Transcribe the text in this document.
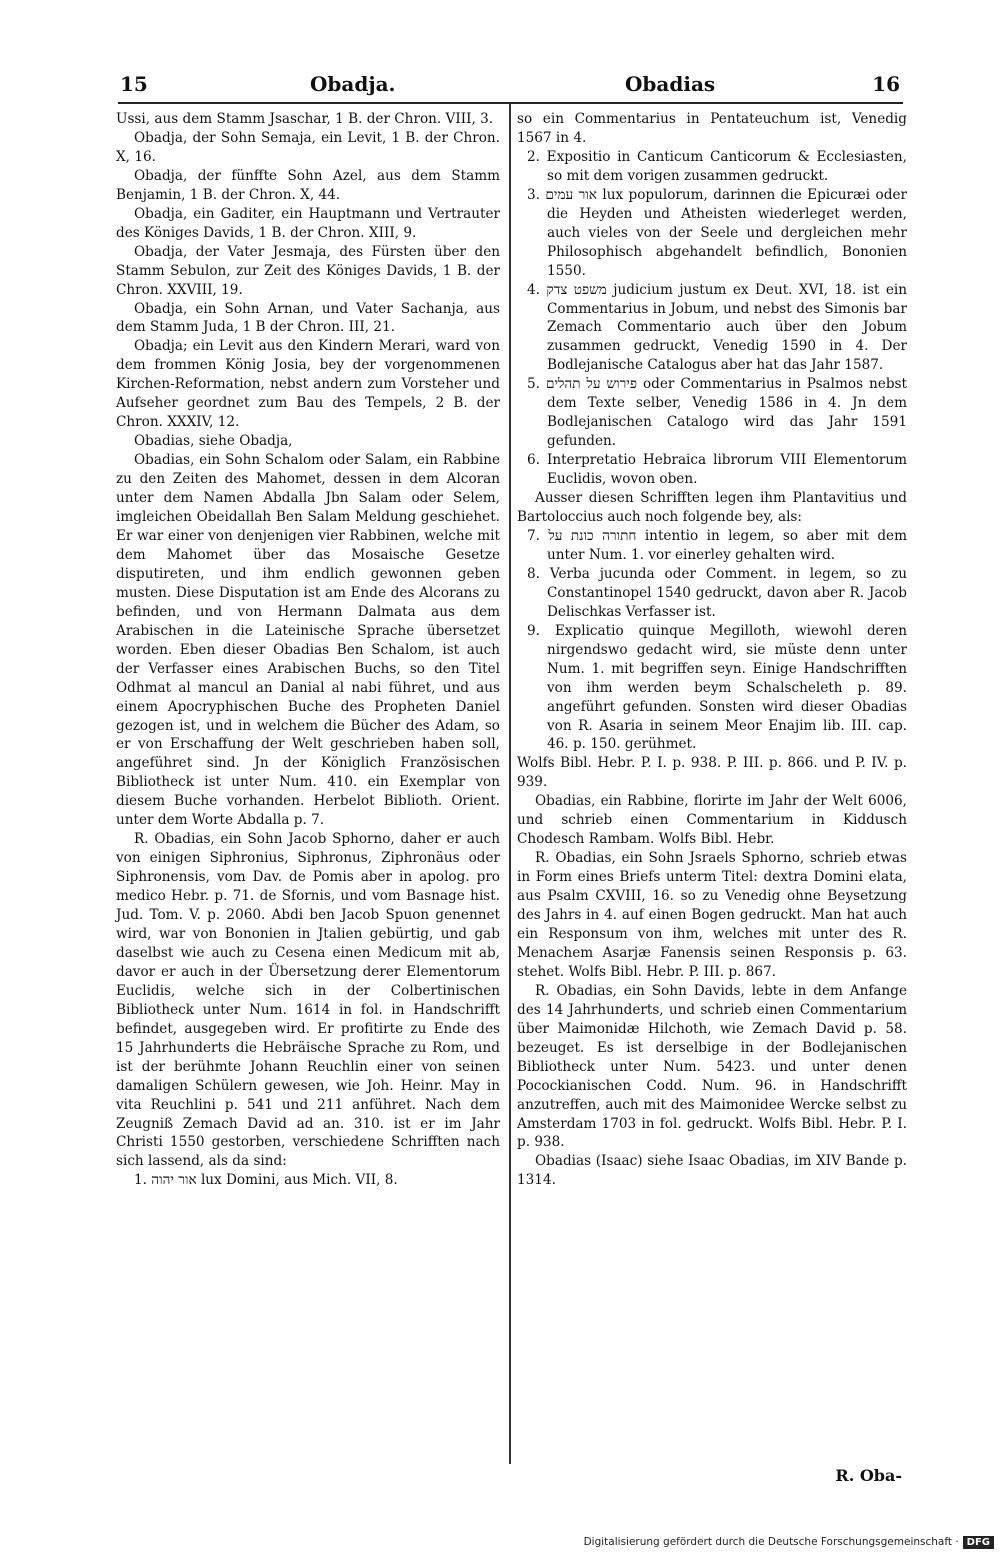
15	Obadja.	Obadias	16

Ussi, aus dem Stamm Jsaschar, 1 B. der Chron. VIII, 3.

Obadja, der Sohn Semaja, ein Levit, 1 B. der Chron. X, 16.

Obadja, der fünffte Sohn Azel, aus dem Stamm Benjamin, 1 B. der Chron. X, 44.

Obadja, ein Gaditer, ein Hauptmann und Vertrauter des Königes Davids, 1 B. der Chron. XIII, 9.

Obadja, der Vater Jesmaja, des Fürsten über den Stamm Sebulon, zur Zeit des Königes Davids, 1 B. der Chron. XXVIII, 19.

Obadja, ein Sohn Arnan, und Vater Sachanja, aus dem Stamm Juda, 1 B der Chron. III, 21.

Obadja; ein Levit aus den Kindern Merari, ward von dem frommen König Josia, bey der vorgenommenen Kirchen-Reformation, nebst andern zum Vorsteher und Aufseher geordnet zum Bau des Tempels, 2 B. der Chron. XXXIV, 12.

Obadias, siehe Obadja,

Obadias, ein Sohn Schalom oder Salam, ein Rabbine zu den Zeiten des Mahomet, dessen in dem Alcoran unter dem Namen Abdalla Jbn Salam oder Selem, imgleichen Obeidallah Ben Salam Meldung geschiehet. Er war einer von denjenigen vier Rabbinen, welche mit dem Mahomet über das Mosaische Gesetze disputireten, und ihm endlich gewonnen geben musten. Diese Disputation ist am Ende des Alcorans zu befinden, und von Hermann Dalmata aus dem Arabischen in die Lateinische Sprache übersetzet worden. Eben dieser Obadias Ben Schalom, ist auch der Verfasser eines Arabischen Buchs, so den Titel Odhmat al mancul an Danial al nabi führet, und aus einem Apocryphischen Buche des Propheten Daniel gezogen ist, und in welchem die Bücher des Adam, so er von Erschaffung der Welt geschrieben haben soll, angeführet sind. Jn der Königlich Französischen Bibliotheck ist unter Num. 410. ein Exemplar von diesem Buche vorhanden. Herbelot Biblioth. Orient. unter dem Worte Abdalla p. 7.

R. Obadias, ein Sohn Jacob Sphorno, daher er auch von einigen Siphronius, Siphronus, Ziphronäus oder Siphronensis, vom Dav. de Pomis aber in apolog. pro medico Hebr. p. 71. de Sfornis, und vom Basnage hist. Jud. Tom. V. p. 2060. Abdi ben Jacob Spuon genennet wird, war von Bononien in Jtalien gebürtig, und gab daselbst wie auch zu Cesena einen Medicum mit ab, davor er auch in der Übersetzung derer Elementorum Euclidis, welche sich in der Colbertinischen Bibliotheck unter Num. 1614 in fol. in Handschrifft befindet, ausgegeben wird. Er profitirte zu Ende des 15 Jahrhunderts die Hebräische Sprache zu Rom, und ist der berühmte Johann Reuchlin einer von seinen damaligen Schülern gewesen, wie Joh. Heinr. May in vita Reuchlini p. 541 und 211 anführet. Nach dem Zeugniß Zemach David ad an. 310. ist er im Jahr Christi 1550 gestorben, verschiedene Schrifften nach sich lassend, als da sind:

1. אור יהוה lux Domini, aus Mich. VII, 8.

so ein Commentarius in Pentateuchum ist, Venedig 1567 in 4.

2. Expositio in Canticum Canticorum & Ecclesiasten, so mit dem vorigen zusammen gedruckt.

3. אור עמים lux populorum, darinnen die Epicuræi oder die Heyden und Atheisten wiederleget werden, auch vieles von der Seele und dergleichen mehr Philosophisch abgehandelt befindlich, Bononien 1550.

4. משפט צדק judicium justum ex Deut. XVI, 18. ist ein Commentarius in Jobum, und nebst des Simonis bar Zemach Commentario auch über den Jobum zusammen gedruckt, Venedig 1590 in 4. Der Bodlejanische Catalogus aber hat das Jahr 1587.

5. פירוש על תהלים oder Commentarius in Psalmos nebst dem Texte selber, Venedig 1586 in 4. Jn dem Bodlejanischen Catalogo wird das Jahr 1591 gefunden.

6. Interpretatio Hebraica librorum VIII Elementorum Euclidis, wovon oben.

Ausser diesen Schrifften legen ihm Plantavitius und Bartoloccius auch noch folgende bey, als:

7. חתורה כונת על intentio in legem, so aber mit dem unter Num. 1. vor einerley gehalten wird.

8. Verba jucunda oder Comment. in legem, so zu Constantinopel 1540 gedruckt, davon aber R. Jacob Delischkas Verfasser ist.

9. Explicatio quinque Megilloth, wiewohl deren nirgendswo gedacht wird, sie müste denn unter Num. 1. mit begriffen seyn. Einige Handschrifften von ihm werden beym Schalscheleth p. 89. angeführt gefunden. Sonsten wird dieser Obadias von R. Asaria in seinem Meor Enajim lib. III. cap. 46. p. 150. gerühmet.

Wolfs Bibl. Hebr. P. I. p. 938. P. III. p. 866. und P. IV. p. 939.

Obadias, ein Rabbine, florirte im Jahr der Welt 6006, und schrieb einen Commentarium in Kiddusch Chodesch Rambam. Wolfs Bibl. Hebr.

R. Obadias, ein Sohn Jsraels Sphorno, schrieb etwas in Form eines Briefs unterm Titel: dextra Domini elata, aus Psalm CXVIII, 16. so zu Venedig ohne Beysetzung des Jahrs in 4. auf einen Bogen gedruckt. Man hat auch ein Responsum von ihm, welches mit unter des R. Menachem Asarjæ Fanensis seinen Responsis p. 63. stehet. Wolfs Bibl. Hebr. P. III. p. 867.

R. Obadias, ein Sohn Davids, lebte in dem Anfange des 14 Jahrhunderts, und schrieb einen Commentarium über Maimonidæ Hilchoth, wie Zemach David p. 58. bezeuget. Es ist derselbige in der Bodlejanischen Bibliotheck unter Num. 5423. und unter denen Pocockianischen Codd. Num. 96. in Handschrifft anzutreffen, auch mit des Maimonidee Wercke selbst zu Amsterdam 1703 in fol. gedruckt. Wolfs Bibl. Hebr. P. I. p. 938.

Obadias (Isaac) siehe Isaac Obadias, im XIV Bande p. 1314.

R. Oba-
Digitalisierung gefördert durch die Deutsche Forschungsgemeinschaft · DFG
